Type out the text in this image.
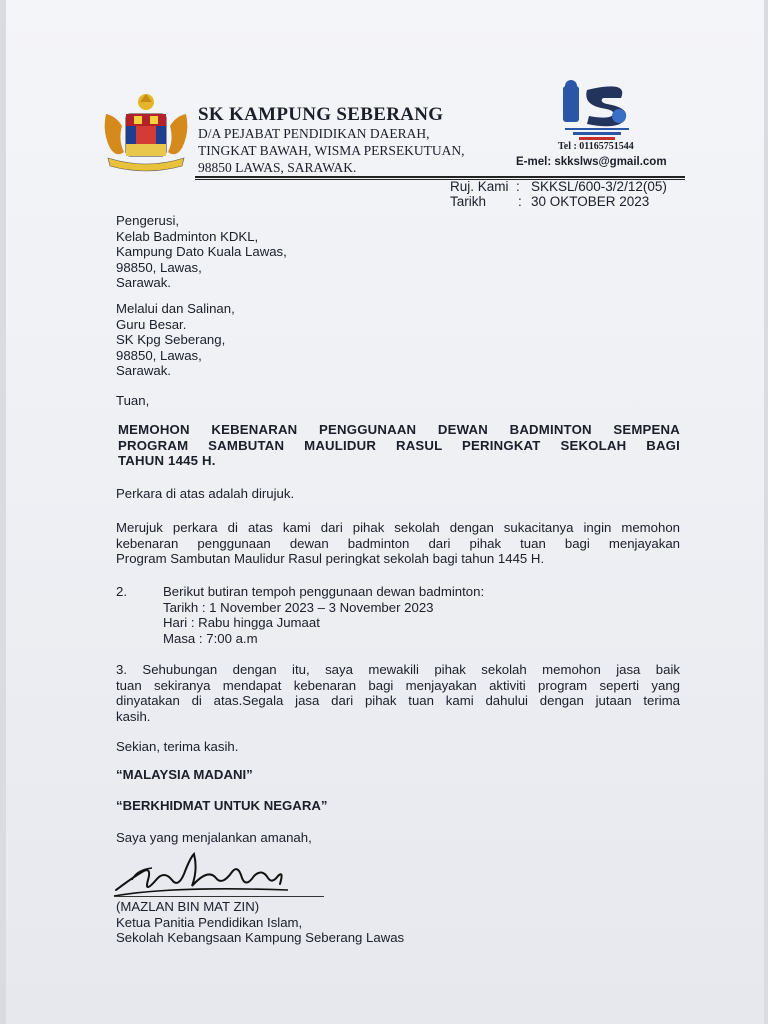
SK KAMPUNG SEBERANG
D/A PEJABAT PENDIDIKAN DAERAH,
TINGKAT BAWAH, WISMA PERSEKUTUAN,
98850 LAWAS, SARAWAK.
Tel : 01165751544
E-mel: skkslws@gmail.com
Ruj. Kami : SKKSL/600-3/2/12(05)
Tarikh : 30 OKTOBER 2023
Pengerusi,
Kelab Badminton KDKL,
Kampung Dato Kuala Lawas,
98850, Lawas,
Sarawak.
Melalui dan Salinan,
Guru Besar.
SK Kpg Seberang,
98850, Lawas,
Sarawak.
Tuan,
MEMOHON KEBENARAN PENGGUNAAN DEWAN BADMINTON SEMPENA
PROGRAM SAMBUTAN MAULIDUR RASUL PERINGKAT SEKOLAH BAGI
TAHUN 1445 H.
Perkara di atas adalah dirujuk.
Merujuk perkara di atas kami dari pihak sekolah dengan sukacitanya ingin memohon
kebenaran penggunaan dewan badminton dari pihak tuan bagi menjayakan
Program Sambutan Maulidur Rasul peringkat sekolah bagi tahun 1445 H.
2.	Berikut butiran tempoh penggunaan dewan badminton:
Tarikh : 1 November 2023 – 3 November 2023
Hari : Rabu hingga Jumaat
Masa : 7:00 a.m
3. Sehubungan dengan itu, saya mewakili pihak sekolah memohon jasa baik
tuan sekiranya mendapat kebenaran bagi menjayakan aktiviti program seperti yang
dinyatakan di atas.Segala jasa dari pihak tuan kami dahului dengan jutaan terima
kasih.
Sekian, terima kasih.
“MALAYSIA MADANI”
“BERKHIDMAT UNTUK NEGARA”
Saya yang menjalankan amanah,
(MAZLAN BIN MAT ZIN)
Ketua Panitia Pendidikan Islam,
Sekolah Kebangsaan Kampung Seberang Lawas
